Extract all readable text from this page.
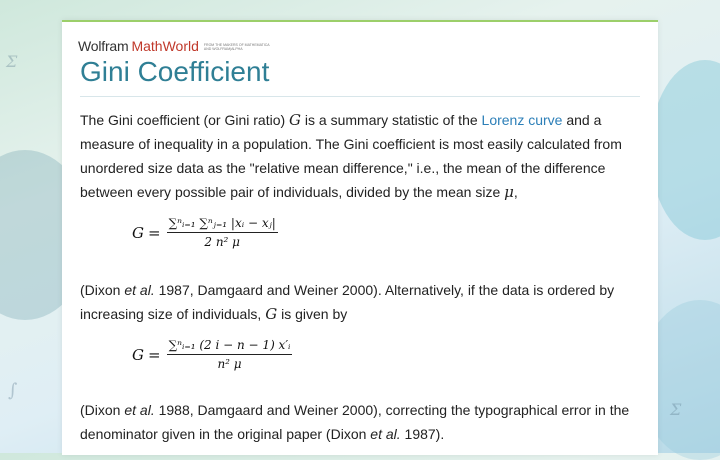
Σ
∫
Σ
Wolfram MathWorld FROM THE MAKERS OF MATHEMATICA AND WOLFRAM|ALPHA
Gini Coefficient

The Gini coefficient (or Gini ratio) G is a summary statistic of the Lorenz curve and a measure of inequality in a population. The Gini coefficient is most easily calculated from unordered size data as the "relative mean difference," i.e., the mean of the difference between every possible pair of individuals, divided by the mean size μ,

$G = \frac{\text{∑ⁿᵢ₌₁ ∑ⁿⱼ₌₁ |xᵢ − xⱼ|}}{\text{2 n² μ}}$

(Dixon et al. 1987, Damgaard and Weiner 2000). Alternatively, if the data is ordered by increasing size of individuals, G is given by

$G = \frac{\text{∑ⁿᵢ₌₁ (2 i − n − 1) x′ᵢ}}{\text{n² μ}}$

(Dixon et al. 1988, Damgaard and Weiner 2000), correcting the typographical error in the denominator given in the original paper (Dixon et al. 1987).
